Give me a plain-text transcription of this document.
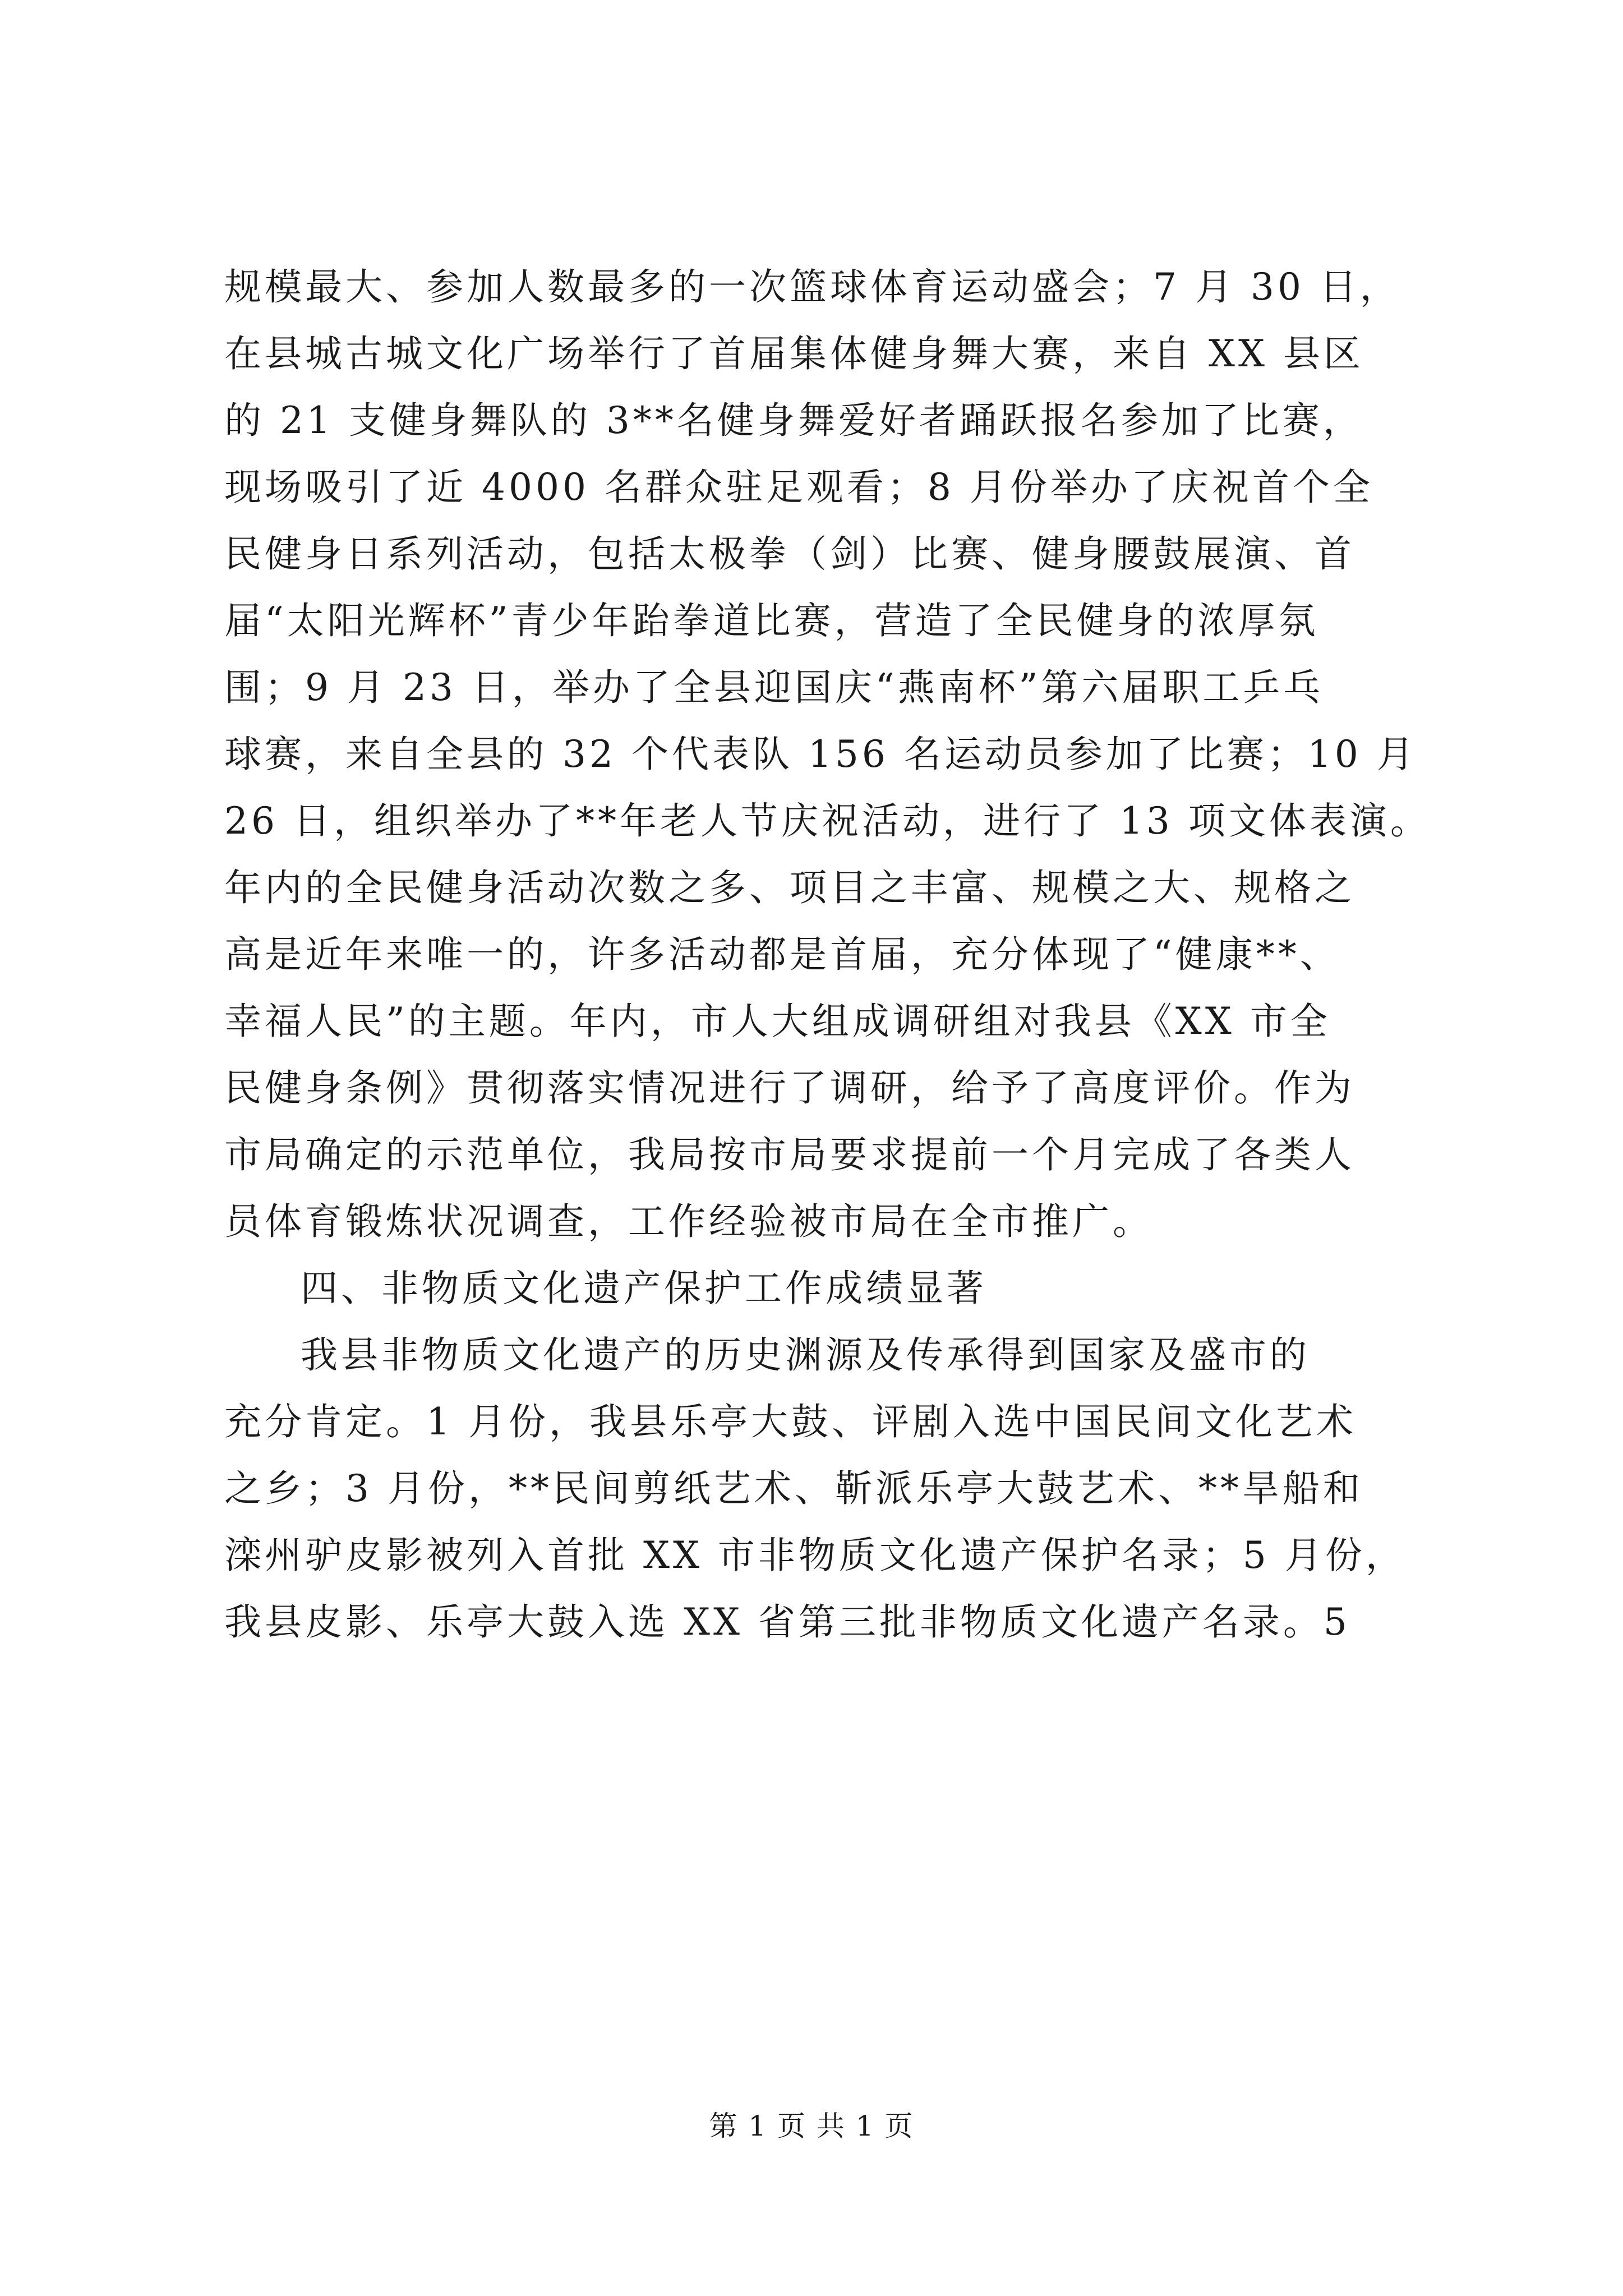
规模最大、参加人数最多的一次篮球体育运动盛会；7 月 30 日，
在县城古城文化广场举行了首届集体健身舞大赛，来自 XX 县区
的 21 支健身舞队的 3**名健身舞爱好者踊跃报名参加了比赛，
现场吸引了近 4000 名群众驻足观看；8 月份举办了庆祝首个全
民健身日系列活动，包括太极拳（剑）比赛、健身腰鼓展演、首
届“太阳光辉杯”青少年跆拳道比赛，营造了全民健身的浓厚氛
围；9 月 23 日，举办了全县迎国庆“燕南杯”第六届职工乒乓
球赛，来自全县的 32 个代表队 156 名运动员参加了比赛；10 月
26 日，组织举办了**年老人节庆祝活动，进行了 13 项文体表演。
年内的全民健身活动次数之多、项目之丰富、规模之大、规格之
高是近年来唯一的，许多活动都是首届，充分体现了“健康**、
幸福人民”的主题。年内，市人大组成调研组对我县《XX 市全
民健身条例》贯彻落实情况进行了调研，给予了高度评价。作为
市局确定的示范单位，我局按市局要求提前一个月完成了各类人
员体育锻炼状况调查，工作经验被市局在全市推广。
四、非物质文化遗产保护工作成绩显著
我县非物质文化遗产的历史渊源及传承得到国家及盛市的
充分肯定。1 月份，我县乐亭大鼓、评剧入选中国民间文化艺术
之乡；3 月份，**民间剪纸艺术、靳派乐亭大鼓艺术、**旱船和
滦州驴皮影被列入首批 XX 市非物质文化遗产保护名录；5 月份，
我县皮影、乐亭大鼓入选 XX 省第三批非物质文化遗产名录。5
第 1 页 共 1 页
